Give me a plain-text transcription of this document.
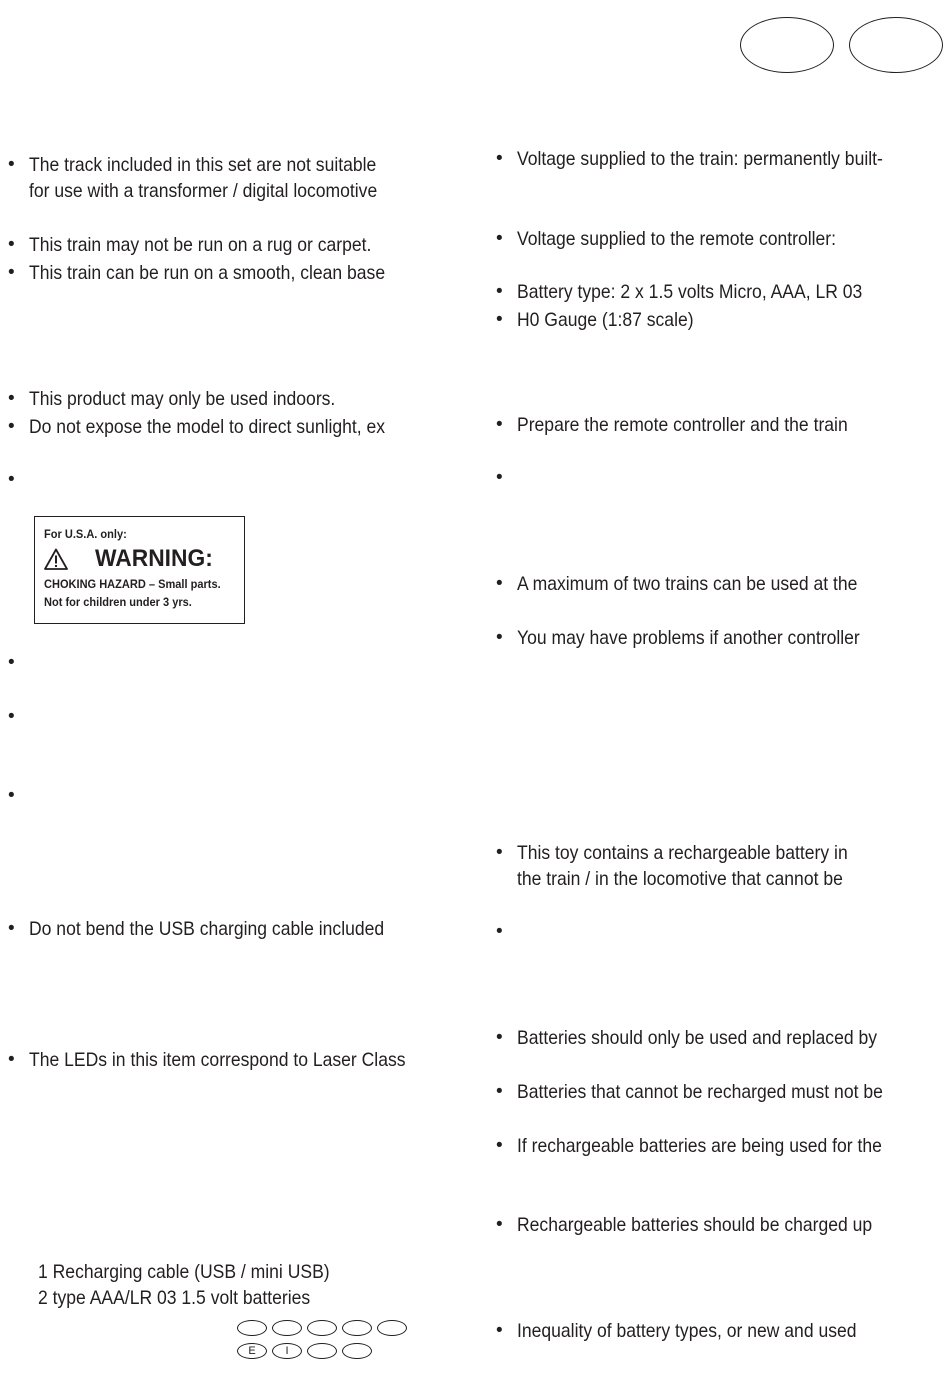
• The track included in this set are not suitable
for use with a transformer / digital locomotive
• This train may not be run on a rug or carpet.
• This train can be run on a smooth, clean base
• This product may only be used indoors.
• Do not expose the model to direct sunlight, ex
•
For U.S.A. only:
WARNING:
CHOKING HAZARD – Small parts.
Not for children under 3 yrs.
•
•
•
• Do not bend the USB charging cable included
• The LEDs in this item correspond to Laser Class
1 Recharging cable (USB / mini USB)
2 type AAA/LR 03 1.5 volt batteries
E	I
• Voltage supplied to the train: permanently built-
• Voltage supplied to the remote controller:
• Battery type: 2 x 1.5 volts Micro, AAA, LR 03
• H0 Gauge (1:87 scale)
• Prepare the remote controller and the train
•
• A maximum of two trains can be used at the
• You may have problems if another controller
• This toy contains a rechargeable battery in
the train / in the locomotive that cannot be
•
• Batteries should only be used and replaced by
• Batteries that cannot be recharged must not be
• If rechargeable batteries are being used for the
• Rechargeable batteries should be charged up
• Inequality of battery types, or new and used
